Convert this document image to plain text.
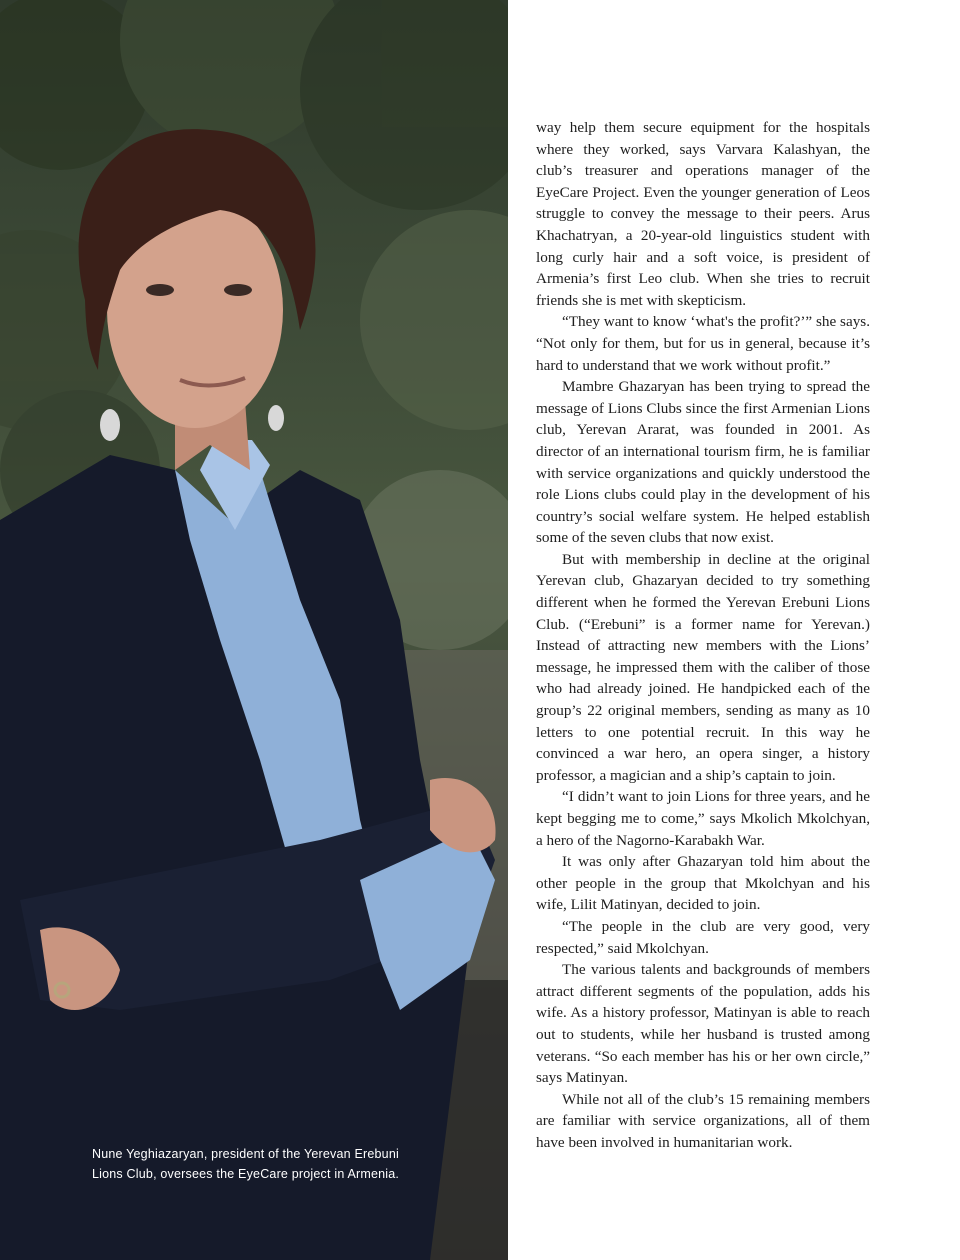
Nune Yeghiazaryan, president of the Yerevan Erebuni Lions Club, oversees the EyeCare project in Armenia.

way help them secure equipment for the hospitals where they worked, says Varvara Kalashyan, the club’s treasurer and operations manager of the EyeCare Project. Even the younger generation of Leos struggle to convey the message to their peers. Arus Khachatryan, a 20-year-old linguistics student with long curly hair and a soft voice, is president of Armenia’s first Leo club. When she tries to recruit friends she is met with skepticism.

“They want to know ‘what's the profit?’” she says. “Not only for them, but for us in general, because it’s hard to understand that we work without profit.”

Mambre Ghazaryan has been trying to spread the message of Lions Clubs since the first Armenian Lions club, Yerevan Ararat, was founded in 2001. As director of an international tourism firm, he is familiar with service organizations and quickly understood the role Lions clubs could play in the development of his country’s social welfare system. He helped establish some of the seven clubs that now exist.

But with membership in decline at the original Yerevan club, Ghazaryan decided to try something different when he formed the Yerevan Erebuni Lions Club. (“Erebuni” is a former name for Yerevan.) Instead of attracting new members with the Lions’ message, he impressed them with the caliber of those who had already joined. He handpicked each of the group’s 22 original members, sending as many as 10 letters to one potential recruit. In this way he convinced a war hero, an opera singer, a history professor, a magician and a ship’s captain to join.

“I didn’t want to join Lions for three years, and he kept begging me to come,” says Mkolich Mkolchyan, a hero of the Nagorno-Karabakh War.

It was only after Ghazaryan told him about the other people in the group that Mkolchyan and his wife, Lilit Matinyan, decided to join.

“The people in the club are very good, very respected,” said Mkolchyan.

The various talents and backgrounds of members attract different segments of the population, adds his wife. As a history professor, Matinyan is able to reach out to students, while her husband is trusted among veterans. “So each member has his or her own circle,” says Matinyan.

While not all of the club’s 15 remaining members are familiar with service organizations, all of them have been involved in humanitarian work.
